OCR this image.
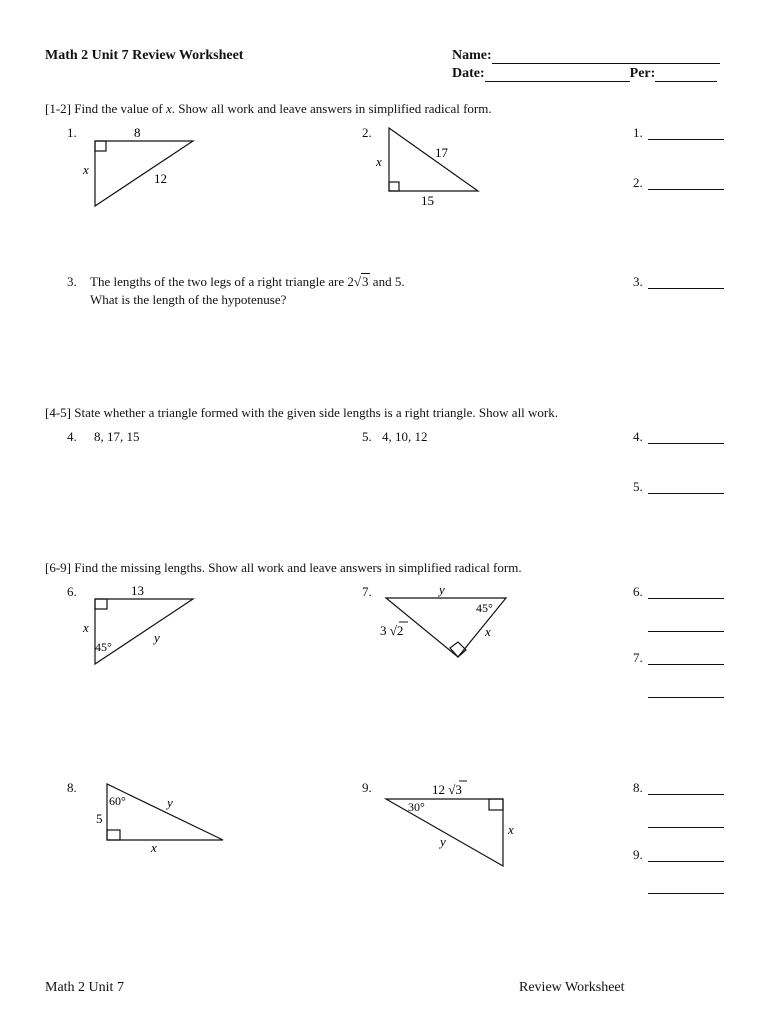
Math 2 Unit 7 Review Worksheet	Name:
Date:	Per:
[1-2] Find the value of x. Show all work and leave answers in simplified radical form.
1.	8
x
12
2.
x
17
15
3. The lengths of the two legs of a right triangle are 2√3 and 5.
What is the length of the hypotenuse?
[4-5] State whether a triangle formed with the given side lengths is a right triangle. Show all work.
4. 8, 17, 15	5. 4, 10, 12
[6-9] Find the missing lengths. Show all work and leave answers in simplified radical form.
6.	13
x
y
45°
7.	y
45°
3 √2	x
8.
60°
5
y
x
9.	12 √3
30°
x
y
1.
2.
3.
4.
5.
6.
7.
8.
9.
Math 2 Unit 7	Review Worksheet
